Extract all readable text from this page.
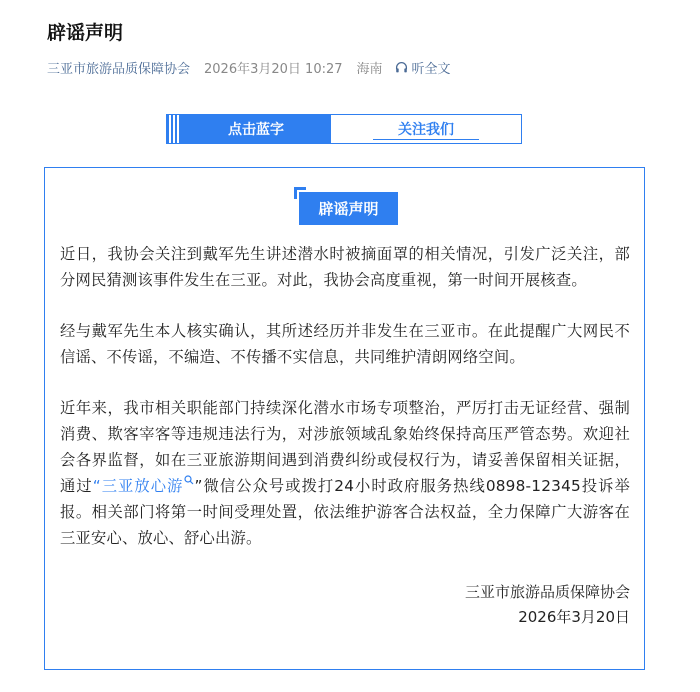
辟谣声明
三亚市旅游品质保障协会 2026年3月20日 10:27 海南 听全文
点击蓝字	关注我们
辟谣声明

近日，我协会关注到戴军先生讲述潜水时被摘面罩的相关情况，引发广泛关注，部分网民猜测该事件发生在三亚。对此，我协会高度重视，第一时间开展核查。

经与戴军先生本人核实确认，其所述经历并非发生在三亚市。在此提醒广大网民不信谣、不传谣，不编造、不传播不实信息，共同维护清朗网络空间。

近年来，我市相关职能部门持续深化潜水市场专项整治，严厉打击无证经营、强制消费、欺客宰客等违规违法行为，对涉旅领域乱象始终保持高压严管态势。欢迎社会各界监督，如在三亚旅游期间遇到消费纠纷或侵权行为，请妥善保留相关证据，通过“三亚放心游 ”微信公众号或拨打24小时政府服务热线0898-12345投诉举报。相关部门将第一时间受理处置，依法维护游客合法权益，全力保障广大游客在三亚安心、放心、舒心出游。

三亚市旅游品质保障协会
2026年3月20日
